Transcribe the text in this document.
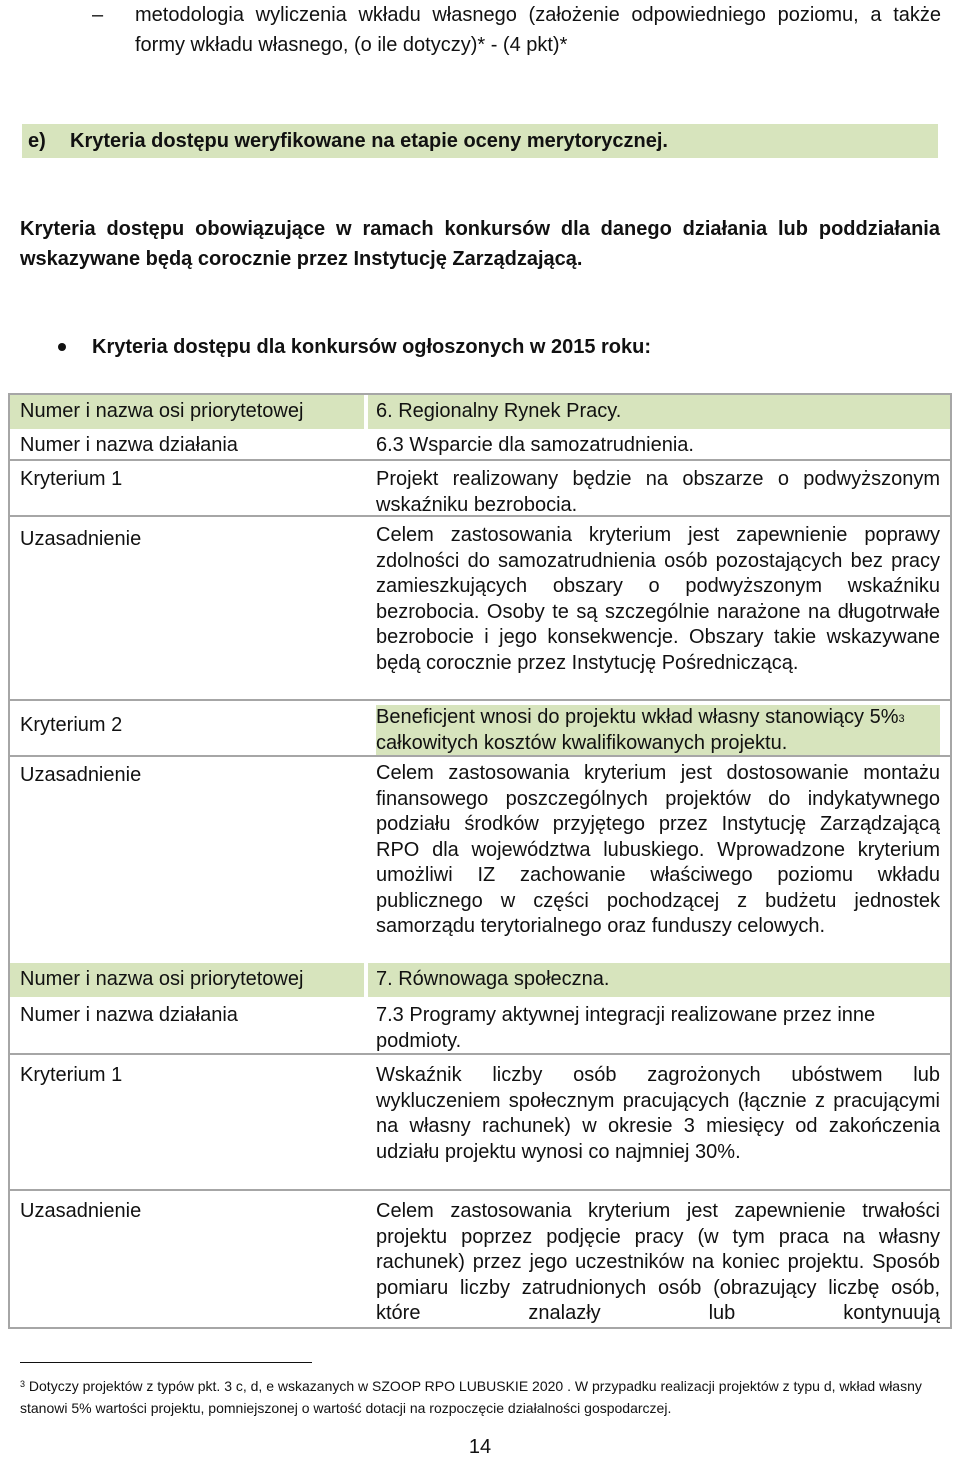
– metodologia wyliczenia wkładu własnego (założenie odpowiedniego poziomu, a także formy wkładu własnego, (o ile dotyczy)* - (4 pkt)*
e) Kryteria dostępu weryfikowane na etapie oceny merytorycznej.
Kryteria dostępu obowiązujące w ramach konkursów dla danego działania lub poddziałania wskazywane będą corocznie przez Instytucję Zarządzającą.
Kryteria dostępu dla konkursów ogłoszonych w 2015 roku:
Numer i nazwa osi priorytetowej	6. Regionalny Rynek Pracy.
Numer i nazwa działania	6.3 Wsparcie dla samozatrudnienia.
Kryterium 1	Projekt realizowany będzie na obszarze o podwyższonym wskaźniku bezrobocia.
Uzasadnienie	Celem zastosowania kryterium jest zapewnienie poprawy zdolności do samozatrudnienia osób pozostających bez pracy zamieszkujących obszary o podwyższonym wskaźniku bezrobocia. Osoby te są szczególnie narażone na długotrwałe bezrobocie i jego konsekwencje. Obszary takie wskazywane będą corocznie przez Instytucję Pośredniczącą.
Kryterium 2	Beneficjent wnosi do projektu wkład własny stanowiący 5%$^3$ całkowitych kosztów kwalifikowanych projektu.
Uzasadnienie	Celem zastosowania kryterium jest dostosowanie montażu finansowego poszczególnych projektów do indykatywnego podziału środków przyjętego przez Instytucję Zarządzającą RPO dla województwa lubuskiego. Wprowadzone kryterium umożliwi IZ zachowanie właściwego poziomu wkładu publicznego w części pochodzącej z budżetu jednostek samorządu terytorialnego oraz funduszy celowych.
Numer i nazwa osi priorytetowej	7. Równowaga społeczna.
Numer i nazwa działania	7.3 Programy aktywnej integracji realizowane przez inne podmioty.
Kryterium 1	Wskaźnik liczby osób zagrożonych ubóstwem lub wykluczeniem społecznym pracujących (łącznie z pracującymi na własny rachunek) w okresie 3 miesięcy od zakończenia udziału projektu wynosi co najmniej 30%.
Uzasadnienie	Celem zastosowania kryterium jest zapewnienie trwałości projektu poprzez podjęcie pracy (w tym praca na własny rachunek) przez jego uczestników na koniec projektu. Sposób pomiaru liczby zatrudnionych osób (obrazujący liczbę osób, które znalazły lub kontynuują
$^3$ Dotyczy projektów z typów pkt. 3 c, d, e wskazanych w SZOOP RPO LUBUSKIE 2020 . W przypadku realizacji projektów z typu d, wkład własny stanowi 5% wartości projektu, pomniejszonej o wartość dotacji na rozpoczęcie działalności gospodarczej.
14
